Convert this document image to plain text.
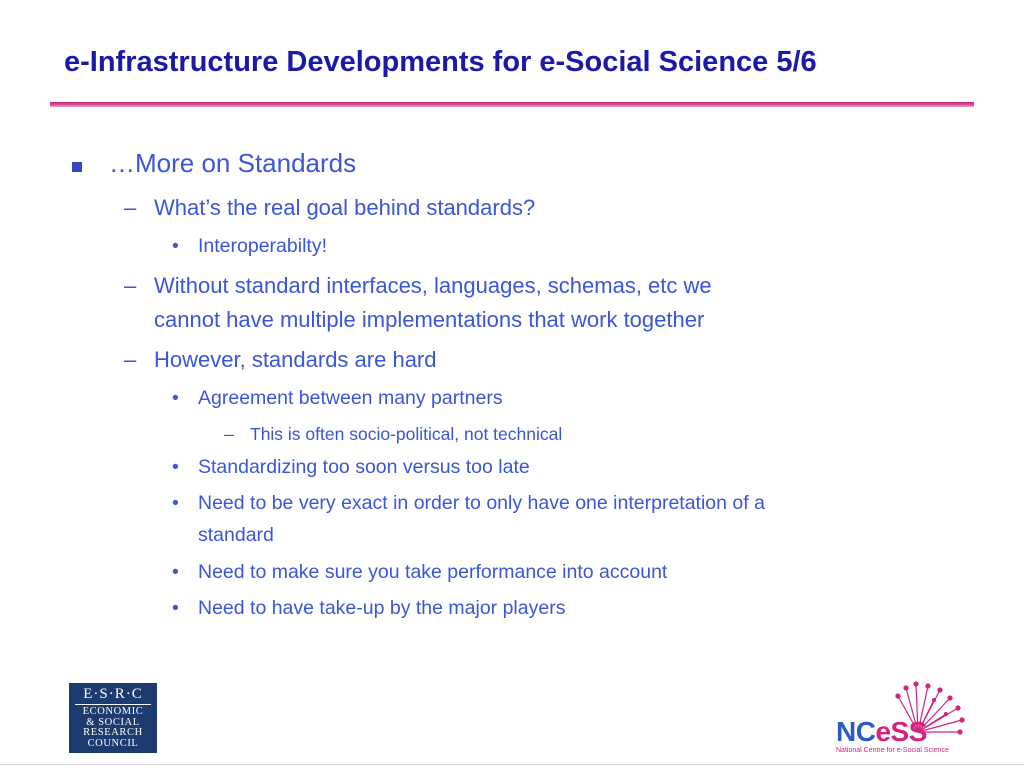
e-Infrastructure Developments for e-Social Science 5/6
…More on Standards
– What’s the real goal behind standards?
• Interoperabilty!
– Without standard interfaces, languages, schemas, etc we
cannot have multiple implementations that work together
– However, standards are hard
• Agreement between many partners
– This is often socio-political, not technical
• Standardizing too soon versus too late
• Need to be very exact in order to only have one interpretation of a
standard
• Need to make sure you take performance into account
• Need to have take-up by the major players
E·S·R·C
ECONOMIC
& SOCIAL
RESEARCH
COUNCIL	NCeSS
National Centre for e-Social Science
